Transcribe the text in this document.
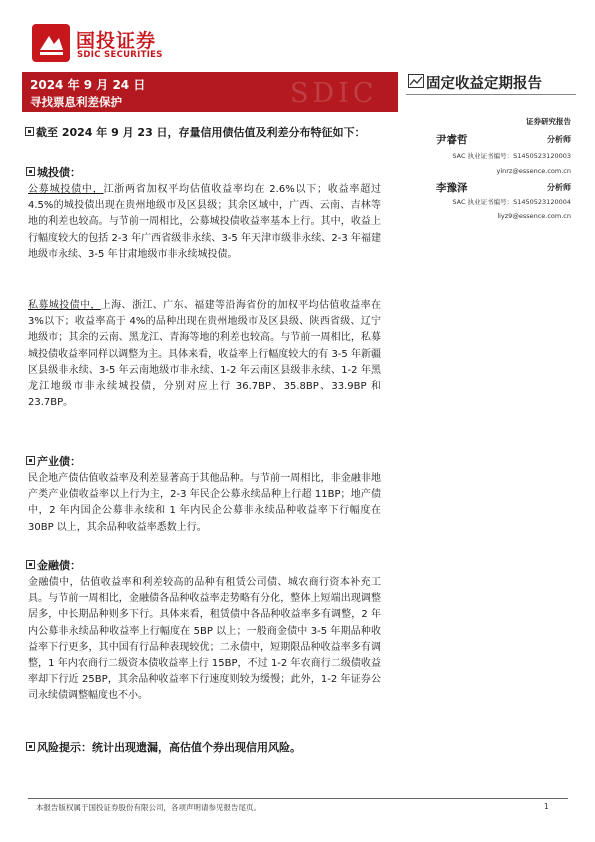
国投证券
SDIC SECURITIES
2024 年 9 月 24 日
寻找票息利差保护	SDIC	固定收益定期报告
证券研究报告
尹睿哲	分析师
SAC 执业证书编号：S1450523120003
yinrz@essence.com.cn
李豫泽	分析师
SAC 执业证书编号：S1450523120004
liyz9@essence.com.cn
截至 2024 年 9 月 23 日，存量信用债估值及利差分布特征如下：
城投债：
公募城投债中，江浙两省加权平均估值收益率均在 2.6%以下；收益率超过 4.5%的城投债出现在贵州地级市及区县级；其余区域中，广西、云南、吉林等地的利差也较高。与节前一周相比，公募城投债收益率基本上行。其中，收益上行幅度较大的包括 2-3 年广西省级非永续、3-5 年天津市级非永续、2-3 年福建地级市永续、3-5 年甘肃地级市非永续城投债。
私募城投债中，上海、浙江、广东、福建等沿海省份的加权平均估值收益率在 3%以下；收益率高于 4%的品种出现在贵州地级市及区县级、陕西省级、辽宁地级市；其余的云南、黑龙江、青海等地的利差也较高。与节前一周相比，私募城投债收益率同样以调整为主。具体来看，收益率上行幅度较大的有 3-5 年新疆区县级非永续、3-5 年云南地级市非永续、1-2 年云南区县级非永续、1-2 年黑龙江地级市非永续城投债，分别对应上行 36.7BP、35.8BP、33.9BP 和 23.7BP。
产业债：
民企地产债估值收益率及利差显著高于其他品种。与节前一周相比，非金融非地产类产业债收益率以上行为主，2-3 年民企公募永续品种上行超 11BP；地产债中，2 年内国企公募非永续和 1 年内民企公募非永续品种收益率下行幅度在 30BP 以上，其余品种收益率悉数上行。
金融债：
金融债中，估值收益率和利差较高的品种有租赁公司债、城农商行资本补充工具。与节前一周相比，金融债各品种收益率走势略有分化，整体上短端出现调整居多，中长期品种则多下行。具体来看，租赁债中各品种收益率多有调整，2 年内公募非永续品种收益率上行幅度在 5BP 以上；一般商金债中 3-5 年期品种收益率下行更多，其中国有行品种表现较优；二永债中，短期限品种收益率多有调整，1 年内农商行二级资本债收益率上行 15BP，不过 1-2 年农商行二级债收益率却下行近 25BP，其余品种收益率下行速度则较为缓慢；此外，1-2 年证券公司永续债调整幅度也不小。
风险提示：统计出现遗漏，高估值个券出现信用风险。
本报告版权属于国投证券股份有限公司，各项声明请参见报告尾页。	1
